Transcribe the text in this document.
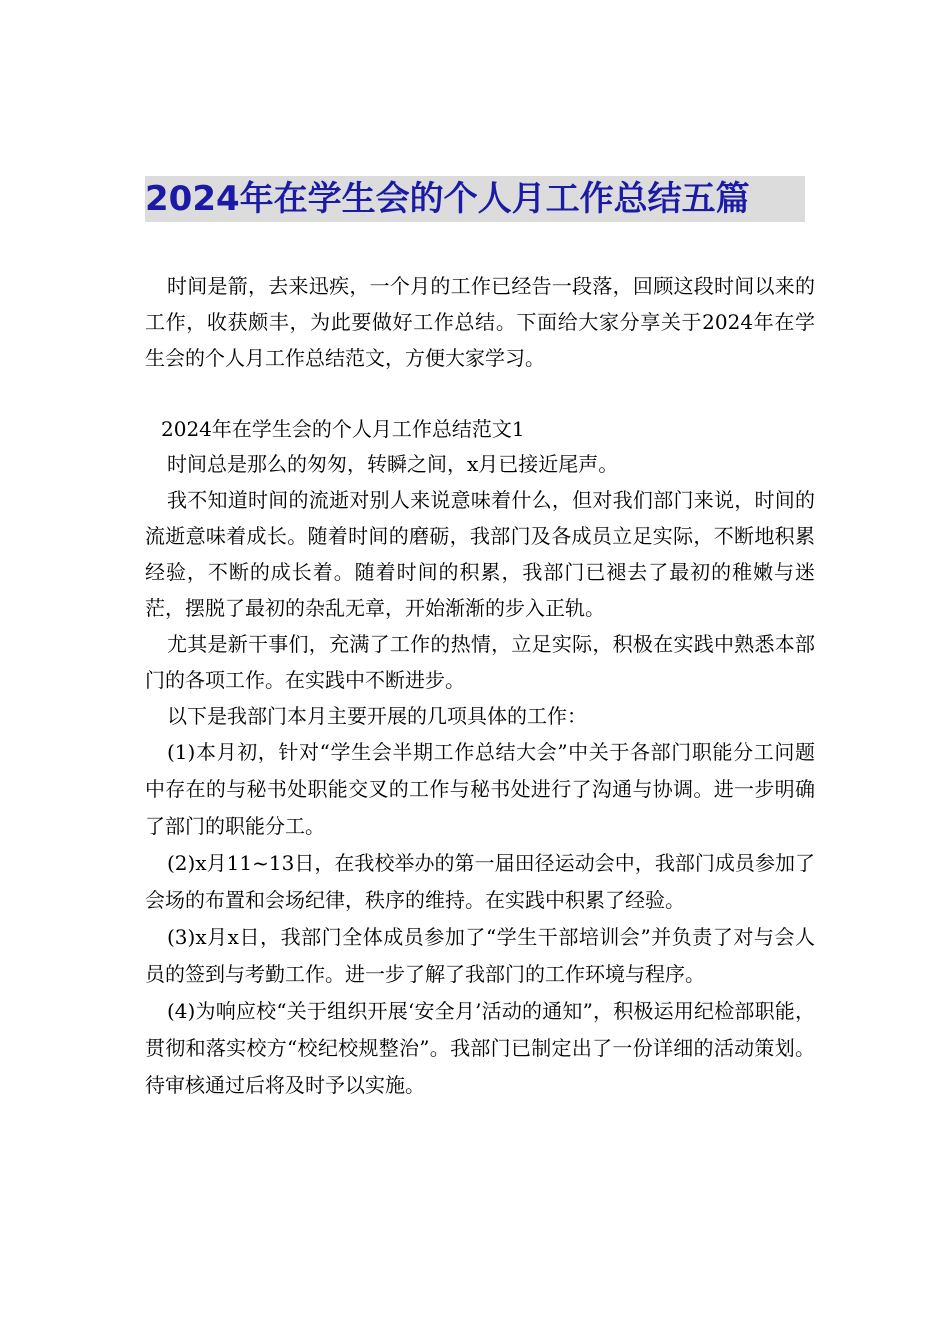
2024年在学生会的个人月工作总结五篇

时间是箭，去来迅疾，一个月的工作已经告一段落，回顾这段时间以来的工作，收获颇丰，为此要做好工作总结。下面给大家分享关于2024年在学生会的个人月工作总结范文，方便大家学习。

2024年在学生会的个人月工作总结范文1

时间总是那么的匆匆，转瞬之间，x月已接近尾声。

我不知道时间的流逝对别人来说意味着什么，但对我们部门来说，时间的流逝意味着成长。随着时间的磨砺，我部门及各成员立足实际，不断地积累经验，不断的成长着。随着时间的积累，我部门已褪去了最初的稚嫩与迷茫，摆脱了最初的杂乱无章，开始渐渐的步入正轨。

尤其是新干事们，充满了工作的热情，立足实际，积极在实践中熟悉本部门的各项工作。在实践中不断进步。

以下是我部门本月主要开展的几项具体的工作：

(1)本月初，针对“学生会半期工作总结大会”中关于各部门职能分工问题中存在的与秘书处职能交叉的工作与秘书处进行了沟通与协调。进一步明确了部门的职能分工。

(2)x月11~13日，在我校举办的第一届田径运动会中，我部门成员参加了会场的布置和会场纪律，秩序的维持。在实践中积累了经验。

(3)x月x日，我部门全体成员参加了“学生干部培训会”并负责了对与会人员的签到与考勤工作。进一步了解了我部门的工作环境与程序。

(4)为响应校“关于组织开展‘安全月’活动的通知”，积极运用纪检部职能，贯彻和落实校方“校纪校规整治”。我部门已制定出了一份详细的活动策划。待审核通过后将及时予以实施。
